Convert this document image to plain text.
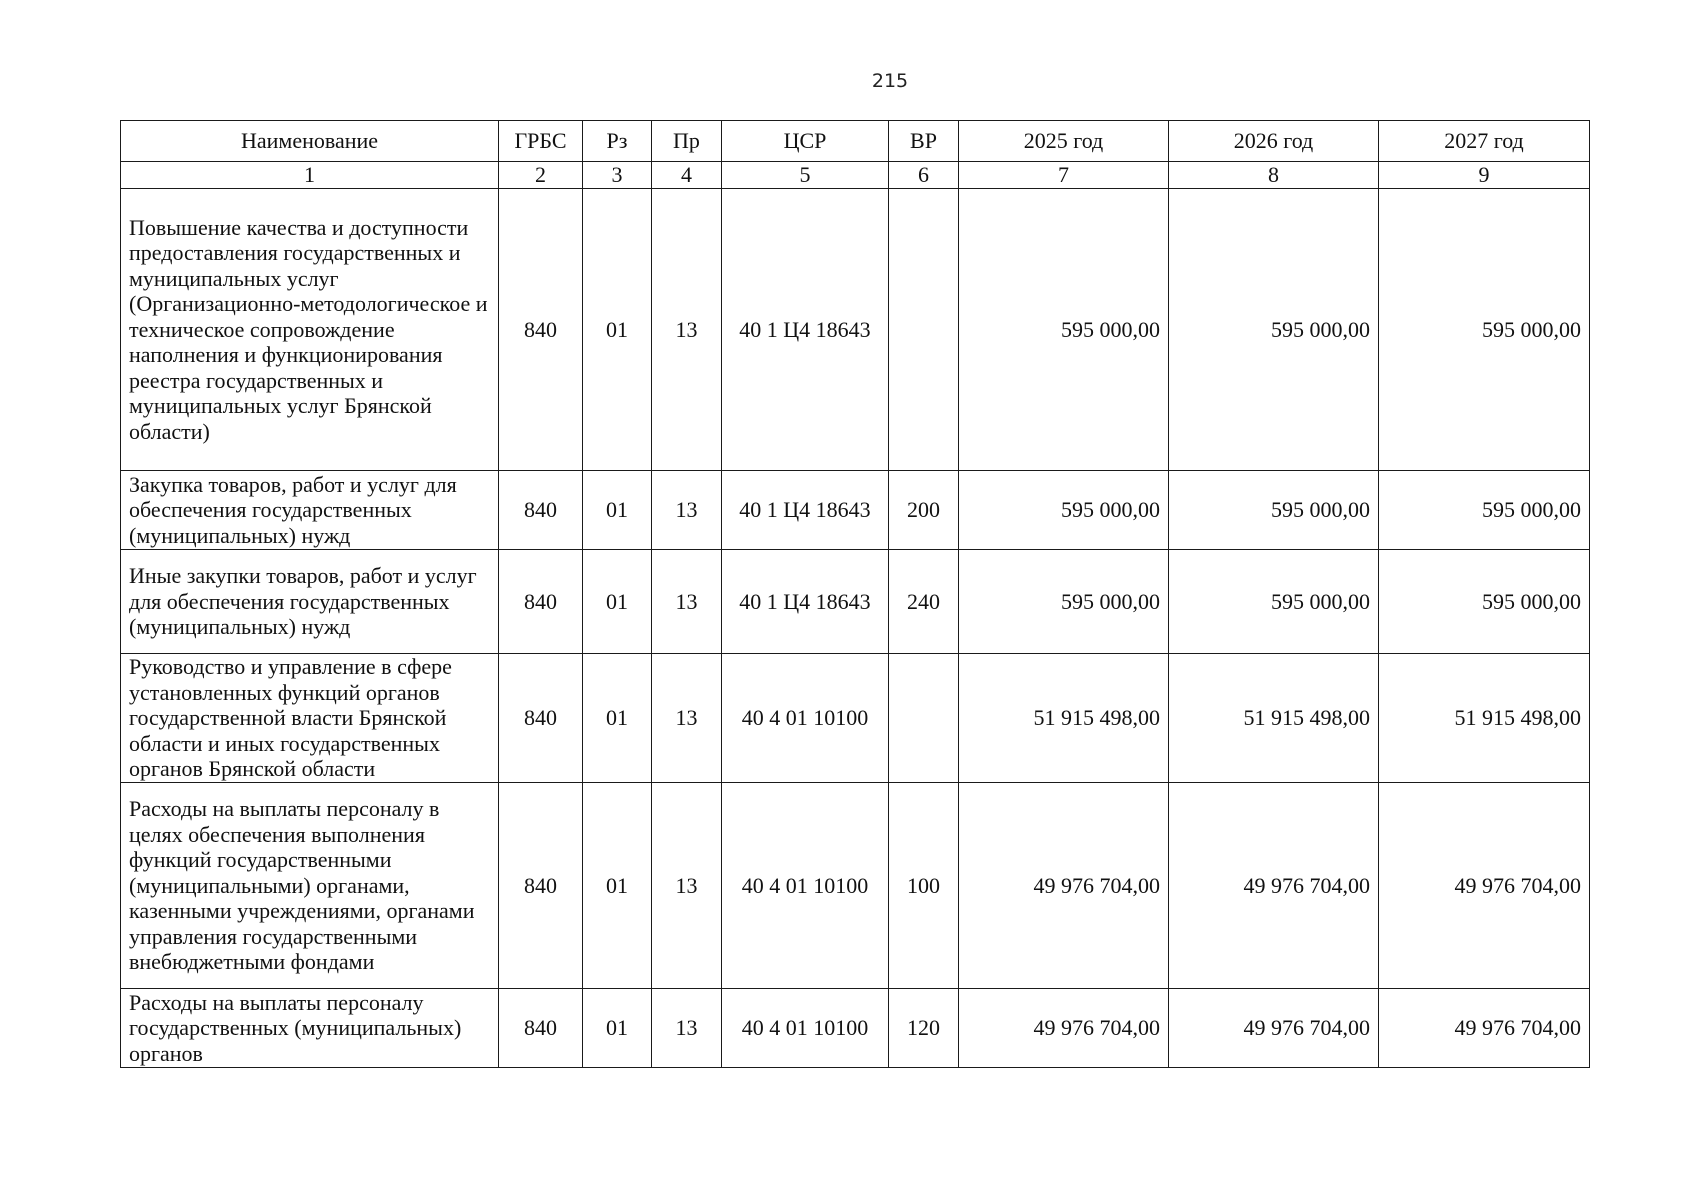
215
Наименование	ГРБС	Рз	Пр	ЦСР	ВР	2025 год	2026 год	2027 год
1	2	3	4	5	6	7	8	9
Повышение качества и доступности предоставления государственных и муниципальных услуг (Организационно-методологическое и техническое сопровождение наполнения и функционирования реестра государственных и муниципальных услуг Брянской области)	840	01	13	40 1 Ц4 18643		595 000,00	595 000,00	595 000,00
Закупка товаров, работ и услуг для обеспечения государственных (муниципальных) нужд	840	01	13	40 1 Ц4 18643	200	595 000,00	595 000,00	595 000,00
Иные закупки товаров, работ и услуг для обеспечения государственных (муниципальных) нужд	840	01	13	40 1 Ц4 18643	240	595 000,00	595 000,00	595 000,00
Руководство и управление в сфере установленных функций органов государственной власти Брянской области и иных государственных органов Брянской области	840	01	13	40 4 01 10100		51 915 498,00	51 915 498,00	51 915 498,00
Расходы на выплаты персоналу в целях обеспечения выполнения функций государственными (муниципальными) органами, казенными учреждениями, органами управления государственными внебюджетными фондами	840	01	13	40 4 01 10100	100	49 976 704,00	49 976 704,00	49 976 704,00
Расходы на выплаты персоналу государственных (муниципальных) органов	840	01	13	40 4 01 10100	120	49 976 704,00	49 976 704,00	49 976 704,00
